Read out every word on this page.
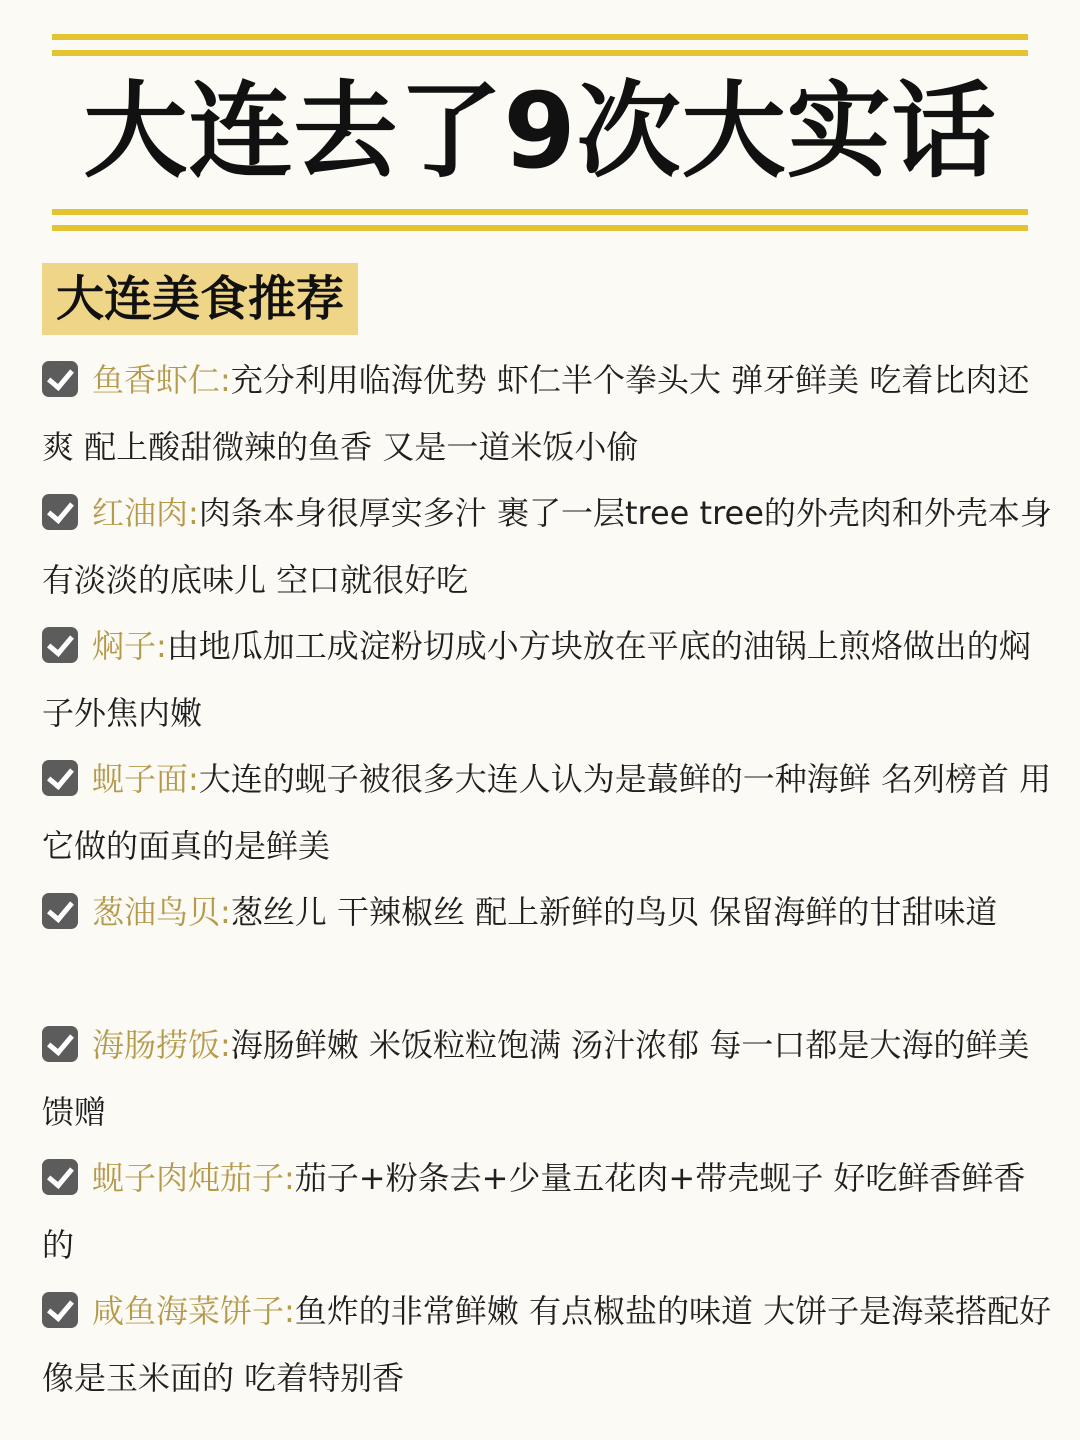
大连去了9次大实话
大连美食推荐
鱼香虾仁:充分利用临海优势 虾仁半个拳头大 弹牙鲜美 吃着比肉还爽 配上酸甜微辣的鱼香 又是一道米饭小偷
红油肉:肉条本身很厚实多汁 裹了一层tree tree的外壳肉和外壳本身有淡淡的底味儿 空口就很好吃
焖子:由地瓜加工成淀粉切成小方块放在平底的油锅上煎烙做出的焖子外焦内嫩
蚬子面:大连的蚬子被很多大连人认为是蕞鲜的一种海鲜 名列榜首 用它做的面真的是鲜美
葱油鸟贝:葱丝儿 干辣椒丝 配上新鲜的鸟贝 保留海鲜的甘甜味道
海肠捞饭:海肠鲜嫩 米饭粒粒饱满 汤汁浓郁 每一口都是大海的鲜美馈赠
蚬子肉炖茄子:茄子+粉条去+少量五花肉+带壳蚬子 好吃鲜香鲜香的
咸鱼海菜饼子:鱼炸的非常鲜嫩 有点椒盐的味道 大饼子是海菜搭配好像是玉米面的 吃着特别香
